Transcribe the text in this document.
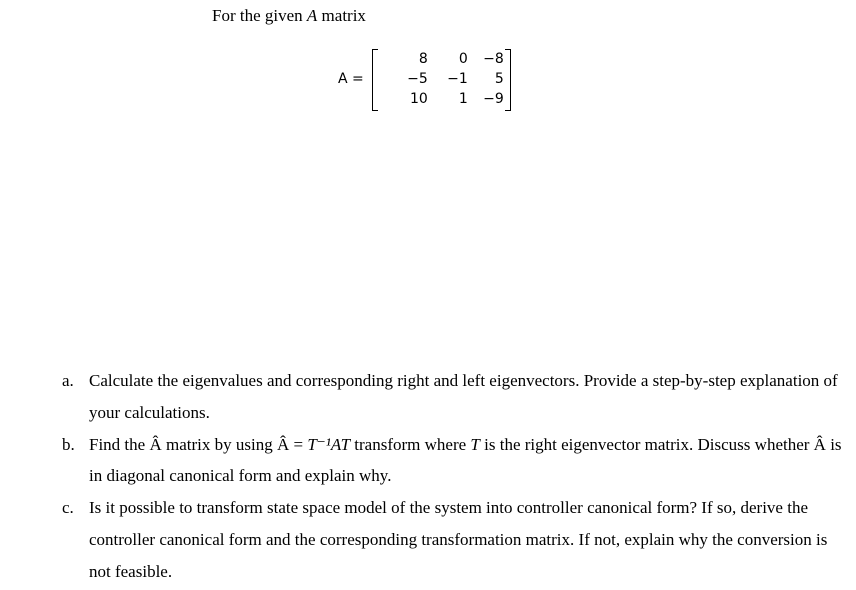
For the given A matrix
A =
8	0	−8
−5	−1	5
10	1	−9
a. Calculate the eigenvalues and corresponding right and left eigenvectors. Provide a step-by-step explanation of your calculations.
b. Find the Â matrix by using Â = T⁻¹AT transform where T is the right eigenvector matrix. Discuss whether Â is in diagonal canonical form and explain why.
c. Is it possible to transform state space model of the system into controller canonical form? If so, derive the controller canonical form and the corresponding transformation matrix. If not, explain why the conversion is not feasible.
